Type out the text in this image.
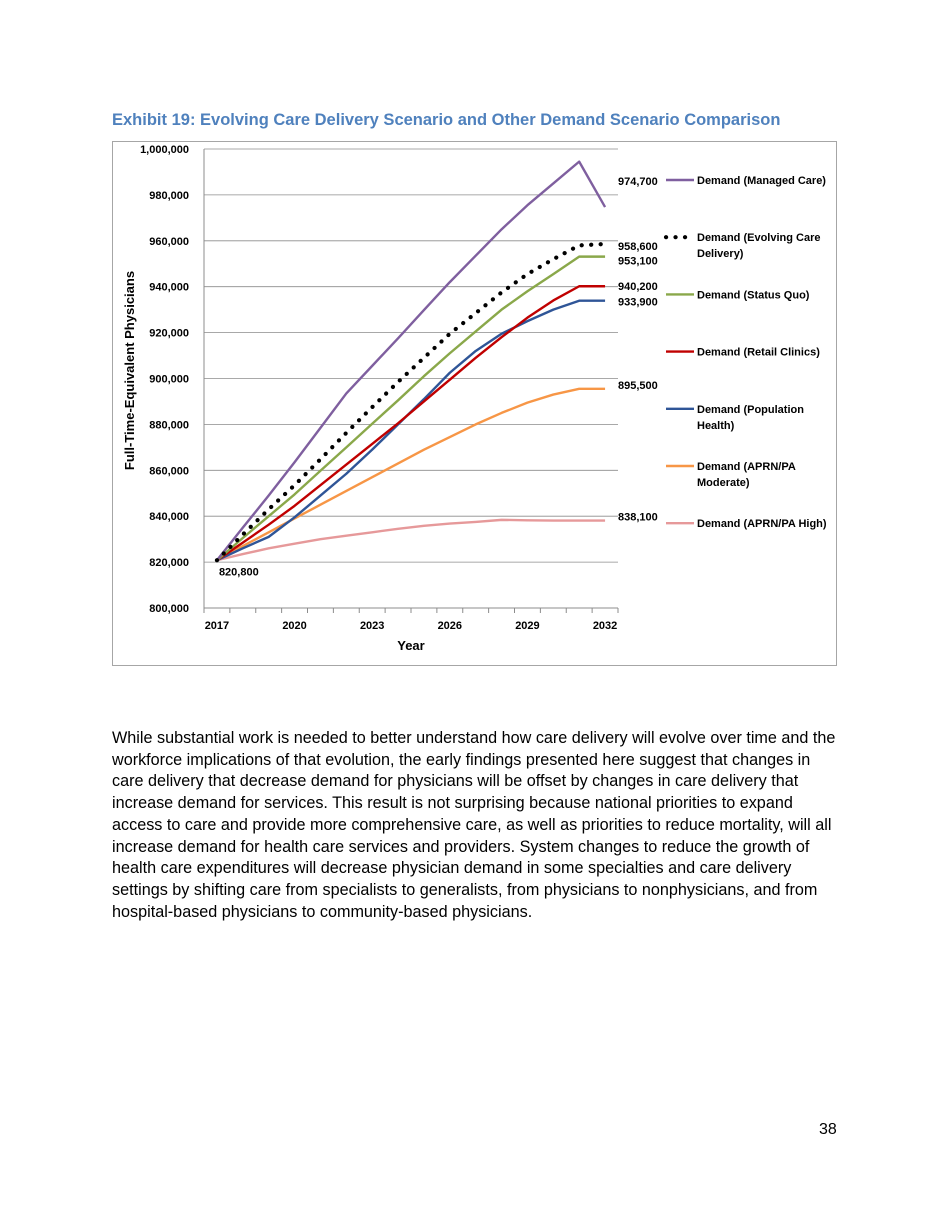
Exhibit 19: Evolving Care Delivery Scenario and Other Demand Scenario Comparison
800,000
820,000
840,000
860,000
880,000
900,000
920,000
940,000
960,000
980,000
1,000,000
2017	2020	2023	2026	2029	2032
Year
Full-Time-Equivalent Physicians
974,700
958,600
953,100
940,200
933,900
895,500
838,100
820,800
Demand (Managed Care)
Demand (Evolving Care
Delivery)
Demand (Status Quo)
Demand (Retail Clinics)
Demand (Population
Health)
Demand (APRN/PA
Moderate)
Demand (APRN/PA High)
While substantial work is needed to better understand how care delivery will evolve over time and the workforce implications of that evolution, the early findings presented here suggest that changes in care delivery that decrease demand for physicians will be offset by changes in care delivery that increase demand for services. This result is not surprising because national priorities to expand access to care and provide more comprehensive care, as well as priorities to reduce mortality, will all increase demand for health care services and providers. System changes to reduce the growth of health care expenditures will decrease physician demand in some specialties and care delivery settings by shifting care from specialists to generalists, from physicians to nonphysicians, and from hospital-based physicians to community-based physicians.
38
